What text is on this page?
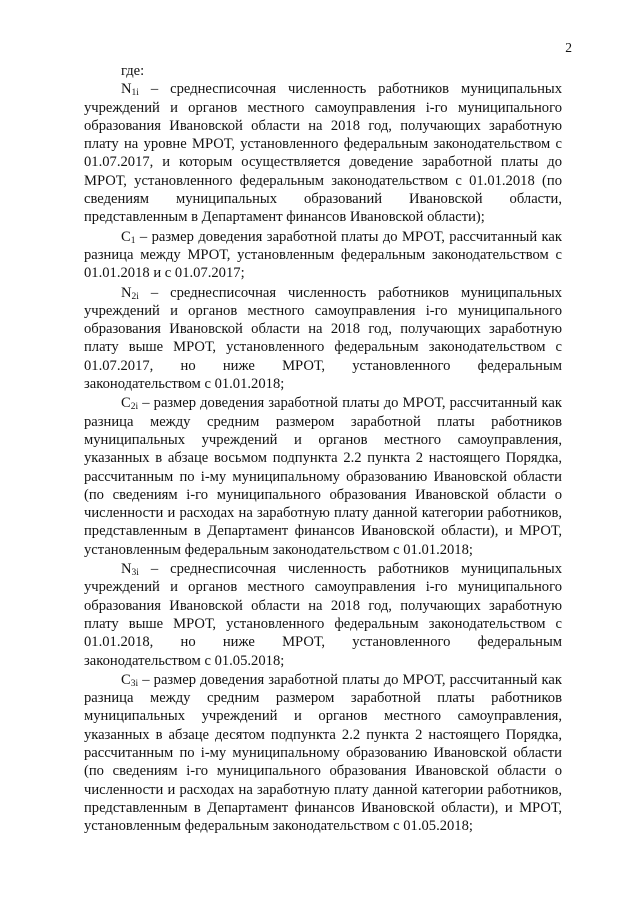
2

где:

$N_{1i}$ – среднесписочная численность работников муниципальных учреждений и органов местного самоуправления i-го муниципального образования Ивановской области на 2018 год, получающих заработную плату на уровне МРОТ, установленного федеральным законодательством с 01.07.2017, и которым осуществляется доведение заработной платы до МРОТ, установленного федеральным законодательством с 01.01.2018 (по сведениям муниципальных образований Ивановской области, представленным в Департамент финансов Ивановской области);

$C_1$ – размер доведения заработной платы до МРОТ, рассчитанный как разница между МРОТ, установленным федеральным законодательством с 01.01.2018 и с 01.07.2017;

$N_{2i}$ – среднесписочная численность работников муниципальных учреждений и органов местного самоуправления i-го муниципального образования Ивановской области на 2018 год, получающих заработную плату выше МРОТ, установленного федеральным законодательством с 01.07.2017, но ниже МРОТ, установленного федеральным законодательством с 01.01.2018;

$C_{2i}$ – размер доведения заработной платы до МРОТ, рассчитанный как разница между средним размером заработной платы работников муниципальных учреждений и органов местного самоуправления, указанных в абзаце восьмом подпункта 2.2 пункта 2 настоящего Порядка, рассчитанным по i-му муниципальному образованию Ивановской области (по сведениям i-го муниципального образования Ивановской области о численности и расходах на заработную плату данной категории работников, представленным в Департамент финансов Ивановской области), и МРОТ, установленным федеральным законодательством с 01.01.2018;

$N_{3i}$ – среднесписочная численность работников муниципальных учреждений и органов местного самоуправления i-го муниципального образования Ивановской области на 2018 год, получающих заработную плату выше МРОТ, установленного федеральным законодательством с 01.01.2018, но ниже МРОТ, установленного федеральным законодательством с 01.05.2018;

$C_{3i}$ – размер доведения заработной платы до МРОТ, рассчитанный как разница между средним размером заработной платы работников муниципальных учреждений и органов местного самоуправления, указанных в абзаце десятом подпункта 2.2 пункта 2 настоящего Порядка, рассчитанным по i-му муниципальному образованию Ивановской области (по сведениям i-го муниципального образования Ивановской области о численности и расходах на заработную плату данной категории работников, представленным в Департамент финансов Ивановской области), и МРОТ, установленным федеральным законодательством с 01.05.2018;
